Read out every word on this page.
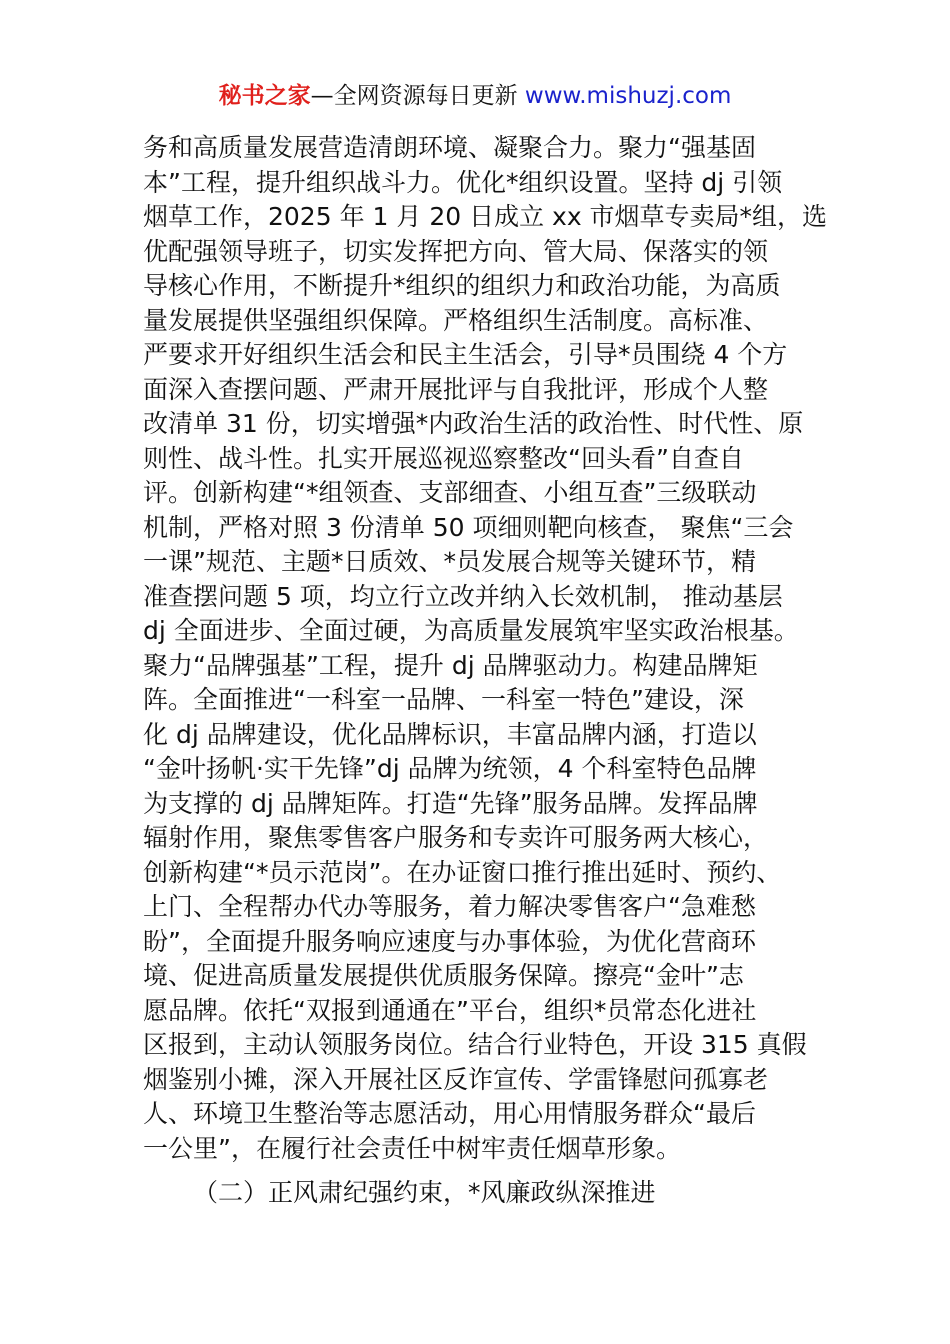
秘书之家—全网资源每日更新 www.mishuzj.com
务和高质量发展营造清朗环境、凝聚合力。聚力“强基固
本”工程，提升组织战斗力。优化*组织设置。坚持 dj 引领
烟草工作，2025 年 1 月 20 日成立 xx 市烟草专卖局*组，选
优配强领导班子，切实发挥把方向、管大局、保落实的领
导核心作用，不断提升*组织的组织力和政治功能，为高质
量发展提供坚强组织保障。严格组织生活制度。高标准、
严要求开好组织生活会和民主生活会，引导*员围绕 4 个方
面深入查摆问题、严肃开展批评与自我批评，形成个人整
改清单 31 份，切实增强*内政治生活的政治性、时代性、原
则性、战斗性。扎实开展巡视巡察整改“回头看”自查自
评。创新构建“*组领查、支部细查、小组互查”三级联动
机制，严格对照 3 份清单 50 项细则靶向核查， 聚焦“三会
一课”规范、主题*日质效、*员发展合规等关键环节，精
准查摆问题 5 项，均立行立改并纳入长效机制， 推动基层
dj 全面进步、全面过硬，为高质量发展筑牢坚实政治根基。
聚力“品牌强基”工程，提升 dj 品牌驱动力。构建品牌矩
阵。全面推进“一科室一品牌、一科室一特色”建设，深
化 dj 品牌建设，优化品牌标识，丰富品牌内涵，打造以
“金叶扬帆·实干先锋”dj 品牌为统领，4 个科室特色品牌
为支撑的 dj 品牌矩阵。打造“先锋”服务品牌。发挥品牌
辐射作用，聚焦零售客户服务和专卖许可服务两大核心，
创新构建“*员示范岗”。在办证窗口推行推出延时、预约、
上门、全程帮办代办等服务，着力解决零售客户“急难愁
盼”，全面提升服务响应速度与办事体验，为优化营商环
境、促进高质量发展提供优质服务保障。擦亮“金叶”志
愿品牌。依托“双报到通通在”平台，组织*员常态化进社
区报到，主动认领服务岗位。结合行业特色，开设 315 真假
烟鉴别小摊，深入开展社区反诈宣传、学雷锋慰问孤寡老
人、环境卫生整治等志愿活动，用心用情服务群众“最后
一公里”，在履行社会责任中树牢责任烟草形象。
（二）正风肃纪强约束，*风廉政纵深推进
